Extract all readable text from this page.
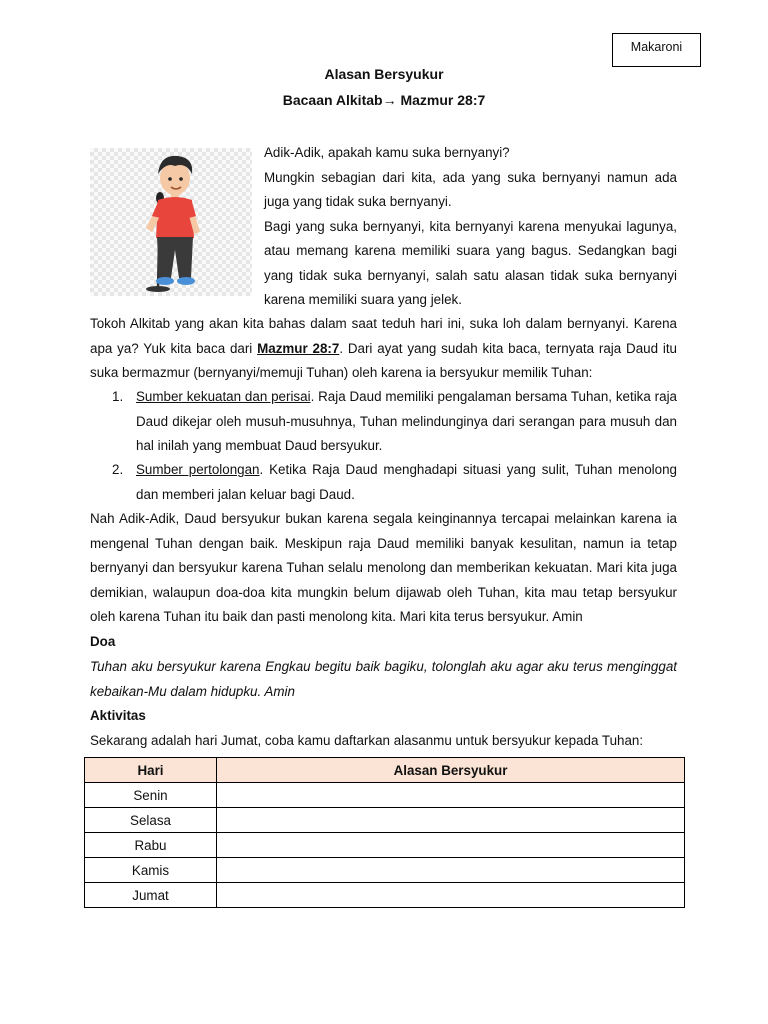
Makaroni
Alasan Bersyukur
Bacaan Alkitab→ Mazmur 28:7
Adik-Adik, apakah kamu suka bernyanyi?
Mungkin sebagian dari kita, ada yang suka bernyanyi namun ada juga yang tidak suka bernyanyi.
Bagi yang suka bernyanyi, kita bernyanyi karena menyukai lagunya, atau memang karena memiliki suara yang bagus. Sedangkan bagi yang tidak suka bernyanyi, salah satu alasan tidak suka bernyanyi karena memiliki suara yang jelek.
Tokoh Alkitab yang akan kita bahas dalam saat teduh hari ini, suka loh dalam bernyanyi. Karena apa ya? Yuk kita baca dari Mazmur 28:7. Dari ayat yang sudah kita baca, ternyata raja Daud itu suka bermazmur (bernyanyi/memuji Tuhan) oleh karena ia bersyukur memilik Tuhan:
1. Sumber kekuatan dan perisai. Raja Daud memiliki pengalaman bersama Tuhan, ketika raja Daud dikejar oleh musuh-musuhnya, Tuhan melindunginya dari serangan para musuh dan hal inilah yang membuat Daud bersyukur.

2. Sumber pertolongan. Ketika Raja Daud menghadapi situasi yang sulit, Tuhan menolong dan memberi jalan keluar bagi Daud.

Nah Adik-Adik, Daud bersyukur bukan karena segala keinginannya tercapai melainkan karena ia mengenal Tuhan dengan baik. Meskipun raja Daud memiliki banyak kesulitan, namun ia tetap bernyanyi dan bersyukur karena Tuhan selalu menolong dan memberikan kekuatan. Mari kita juga demikian, walaupun doa-doa kita mungkin belum dijawab oleh Tuhan, kita mau tetap bersyukur oleh karena Tuhan itu baik dan pasti menolong kita. Mari kita terus bersyukur. Amin

Doa

Tuhan aku bersyukur karena Engkau begitu baik bagiku, tolonglah aku agar aku terus menginggat kebaikan-Mu dalam hidupku. Amin

Aktivitas
Sekarang adalah hari Jumat, coba kamu daftarkan alasanmu untuk bersyukur kepada Tuhan:
Hari	Alasan Bersyukur
Senin	
Selasa	
Rabu	
Kamis	
Jumat	
